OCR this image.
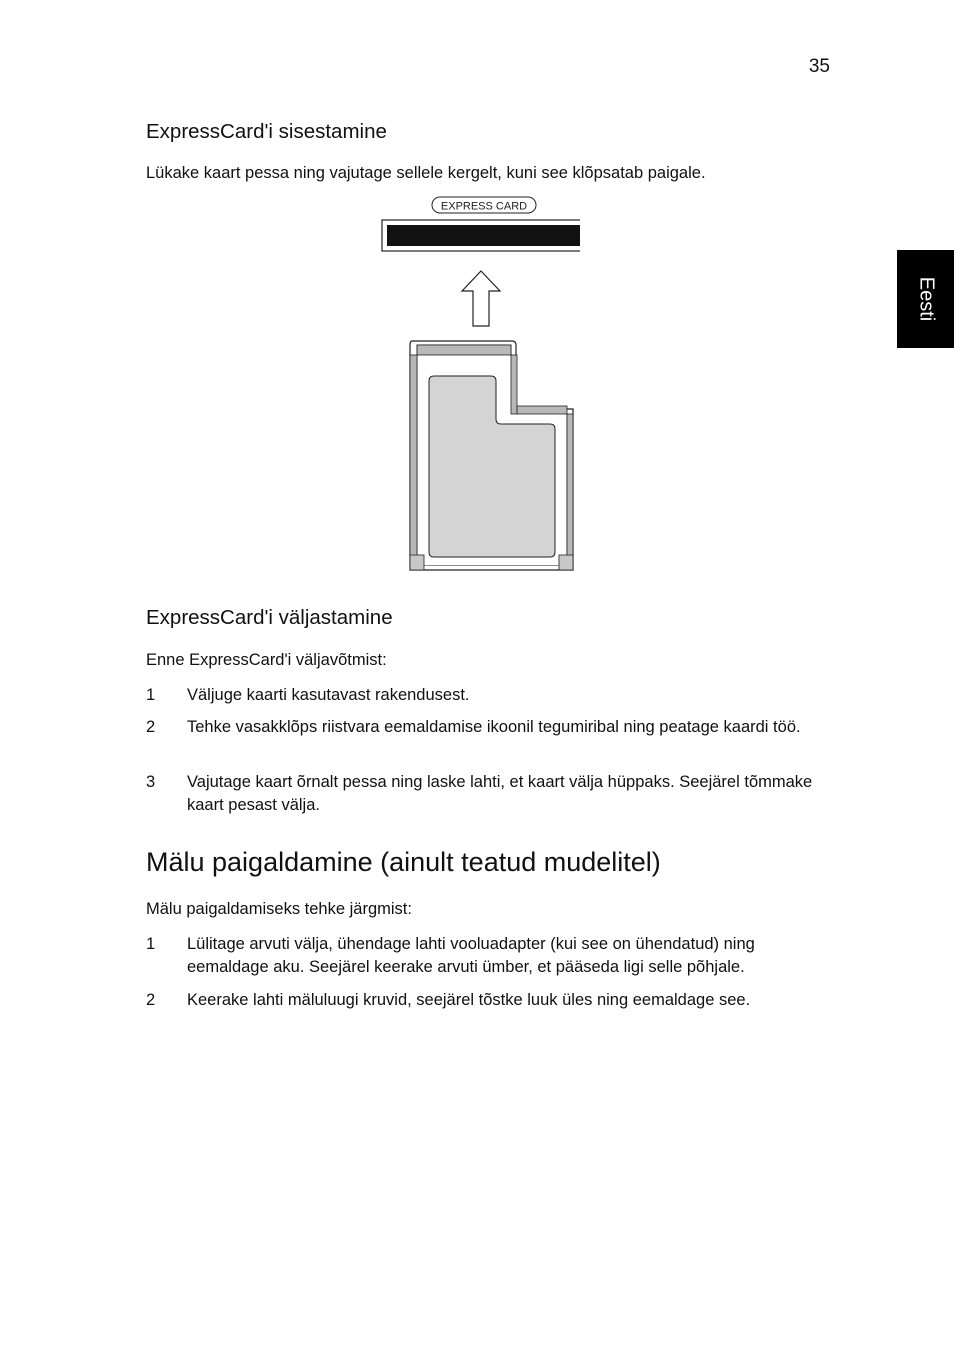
35
Eesti
ExpressCard'i sisestamine
Lükake kaart pessa ning vajutage sellele kergelt, kuni see klõpsatab paigale.
EXPRESS CARD
ExpressCard'i väljastamine
Enne ExpressCard'i väljavõtmist:
1 Väljuge kaarti kasutavast rakendusest.
2 Tehke vasakklõps riistvara eemaldamise ikoonil tegumiribal ning peatage kaardi töö.
3 Vajutage kaart õrnalt pessa ning laske lahti, et kaart välja hüppaks. Seejärel tõmmake kaart pesast välja.
Mälu paigaldamine (ainult teatud mudelitel)
Mälu paigaldamiseks tehke järgmist:
1 Lülitage arvuti välja, ühendage lahti vooluadapter (kui see on ühendatud) ning eemaldage aku. Seejärel keerake arvuti ümber, et pääseda ligi selle põhjale.
2 Keerake lahti mäluluugi kruvid, seejärel tõstke luuk üles ning eemaldage see.
